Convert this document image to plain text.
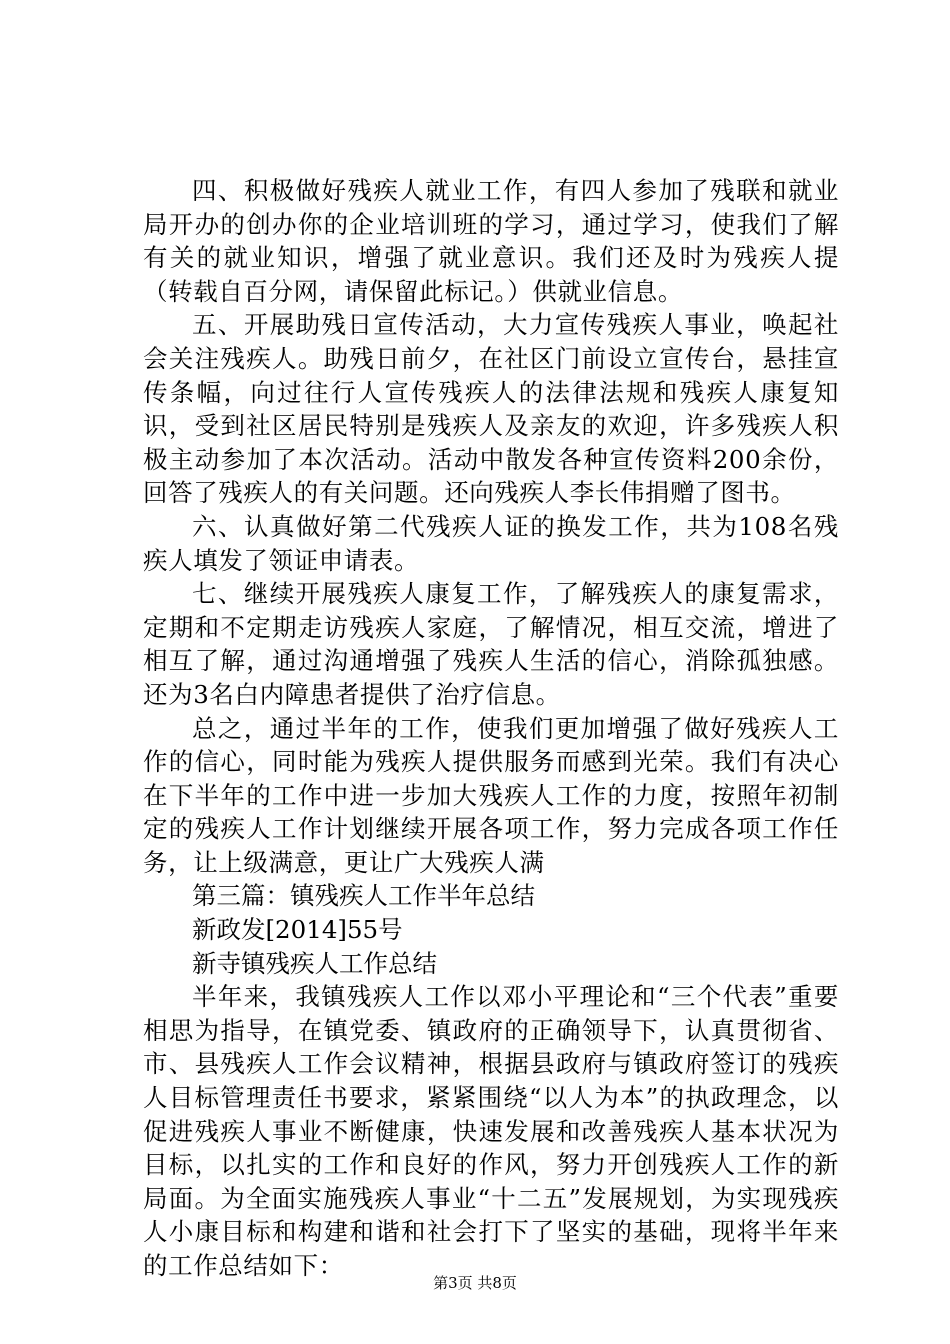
四、积极做好残疾人就业工作，有四人参加了残联和就业局开办的创办你的企业培训班的学习，通过学习，使我们了解有关的就业知识，增强了就业意识。我们还及时为残疾人提（转载自百分网，请保留此标记。）供就业信息。

五、开展助残日宣传活动，大力宣传残疾人事业，唤起社会关注残疾人。助残日前夕，在社区门前设立宣传台，悬挂宣传条幅，向过往行人宣传残疾人的法律法规和残疾人康复知识，受到社区居民特别是残疾人及亲友的欢迎，许多残疾人积极主动参加了本次活动。活动中散发各种宣传资料200余份，回答了残疾人的有关问题。还向残疾人李长伟捐赠了图书。

六、认真做好第二代残疾人证的换发工作，共为108名残疾人填发了领证申请表。

七、继续开展残疾人康复工作，了解残疾人的康复需求，定期和不定期走访残疾人家庭，了解情况，相互交流，增进了相互了解，通过沟通增强了残疾人生活的信心，消除孤独感。还为3名白内障患者提供了治疗信息。

总之，通过半年的工作，使我们更加增强了做好残疾人工作的信心，同时能为残疾人提供服务而感到光荣。我们有决心在下半年的工作中进一步加大残疾人工作的力度，按照年初制定的残疾人工作计划继续开展各项工作，努力完成各项工作任务，让上级满意，更让广大残疾人满

第三篇：镇残疾人工作半年总结

新政发[2014]55号

新寺镇残疾人工作总结

半年来，我镇残疾人工作以邓小平理论和“三个代表”重要相思为指导，在镇党委、镇政府的正确领导下，认真贯彻省、市、县残疾人工作会议精神，根据县政府与镇政府签订的残疾人目标管理责任书要求，紧紧围绕“以人为本”的执政理念，以促进残疾人事业不断健康，快速发展和改善残疾人基本状况为目标，以扎实的工作和良好的作风，努力开创残疾人工作的新局面。为全面实施残疾人事业“十二五”发展规划，为实现残疾人小康目标和构建和谐和社会打下了坚实的基础，现将半年来的工作总结如下：

第3页 共8页
